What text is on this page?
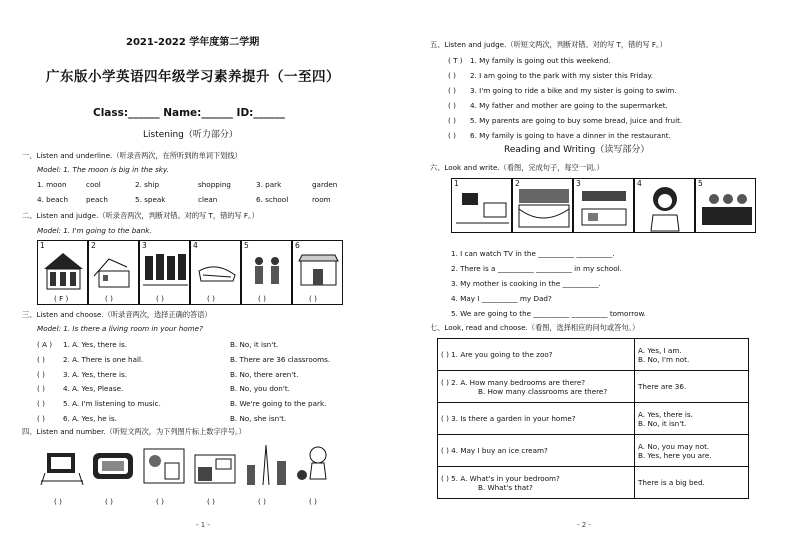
2021-2022 学年度第二学期
广东版小学英语四年级学习素养提升（一至四）
Class:______ Name:______ ID:______
Listening（听力部分）
一、Listen and underline.（听录音两次，在所听到的单词下划线）
Model: 1. The moon is big in the sky.
1. moon	cool	2. ship	shopping	3. park	garden
4. beach peach	5. speak	clean	6. school	room
二、Listen and judge.（听录音两次，判断对错。对的写 T，错的写 F。）
Model: 1. I'm going to the bank.
1	2	3	4	5	6
( F )	( )	( )	( )	( )	( )
三、Listen and choose.（听录音两次，选择正确的答语）
Model: 1. Is there a living room in your home?
( A ) 1. A. Yes, there is.	B. No, it isn't.
( )	2. A. There is one hall.	B. There are 36 classrooms.
( )	3. A. Yes, there is.	B. No, there aren't.
( )	4. A. Yes, Please.	B. No, you don't.
( )	5. A. I'm listening to music.	B. We're going to the park.
( )	6. A. Yes, he is.	B. No, she isn't.
四、Listen and number.（听短文两次，为下列图片标上数字序号。）
( )	( )	( )	( )	( )	( )
- 1 -
五、Listen and judge.（听短文两次，判断对错。对的写 T，错的写 F。）
( T ) 1. My family is going out this weekend.
( ) 2. I am going to the park with my sister this Friday.
( ) 3. I'm going to ride a bike and my sister is going to swim.
( ) 4. My father and mother are going to the supermarket.
( ) 5. My parents are going to buy some bread, juice and fruit.
( ) 6. My family is going to have a dinner in the restaurant.
Reading and Writing（读写部分）
六、Look and write.（看图，完成句子，每空一词。）
1	2	3	4	5
1. I can watch TV in the __________ __________.
2. There is a __________ __________ in my school.
3. My mother is cooking in the __________.
4. May I __________ my Dad?
5. We are going to the __________ __________ tomorrow.
七、Look, read and choose.（看图，选择相应的问句或答句。）
( ) 1. Are you going to the zoo?	A. Yes, I am.
B. No, I'm not.

( ) 2. A. How many bedrooms are there?
B. How many classrooms are there?	There are 36.

( ) 3. Is there a garden in your home?	A. Yes, there is.
B. No, it isn't.

( ) 4. May I buy an ice cream?	A. No, you may not.
B. Yes, here you are.

( ) 5. A. What's in your bedroom?
B. What's that?	There is a big bed.
- 2 -
